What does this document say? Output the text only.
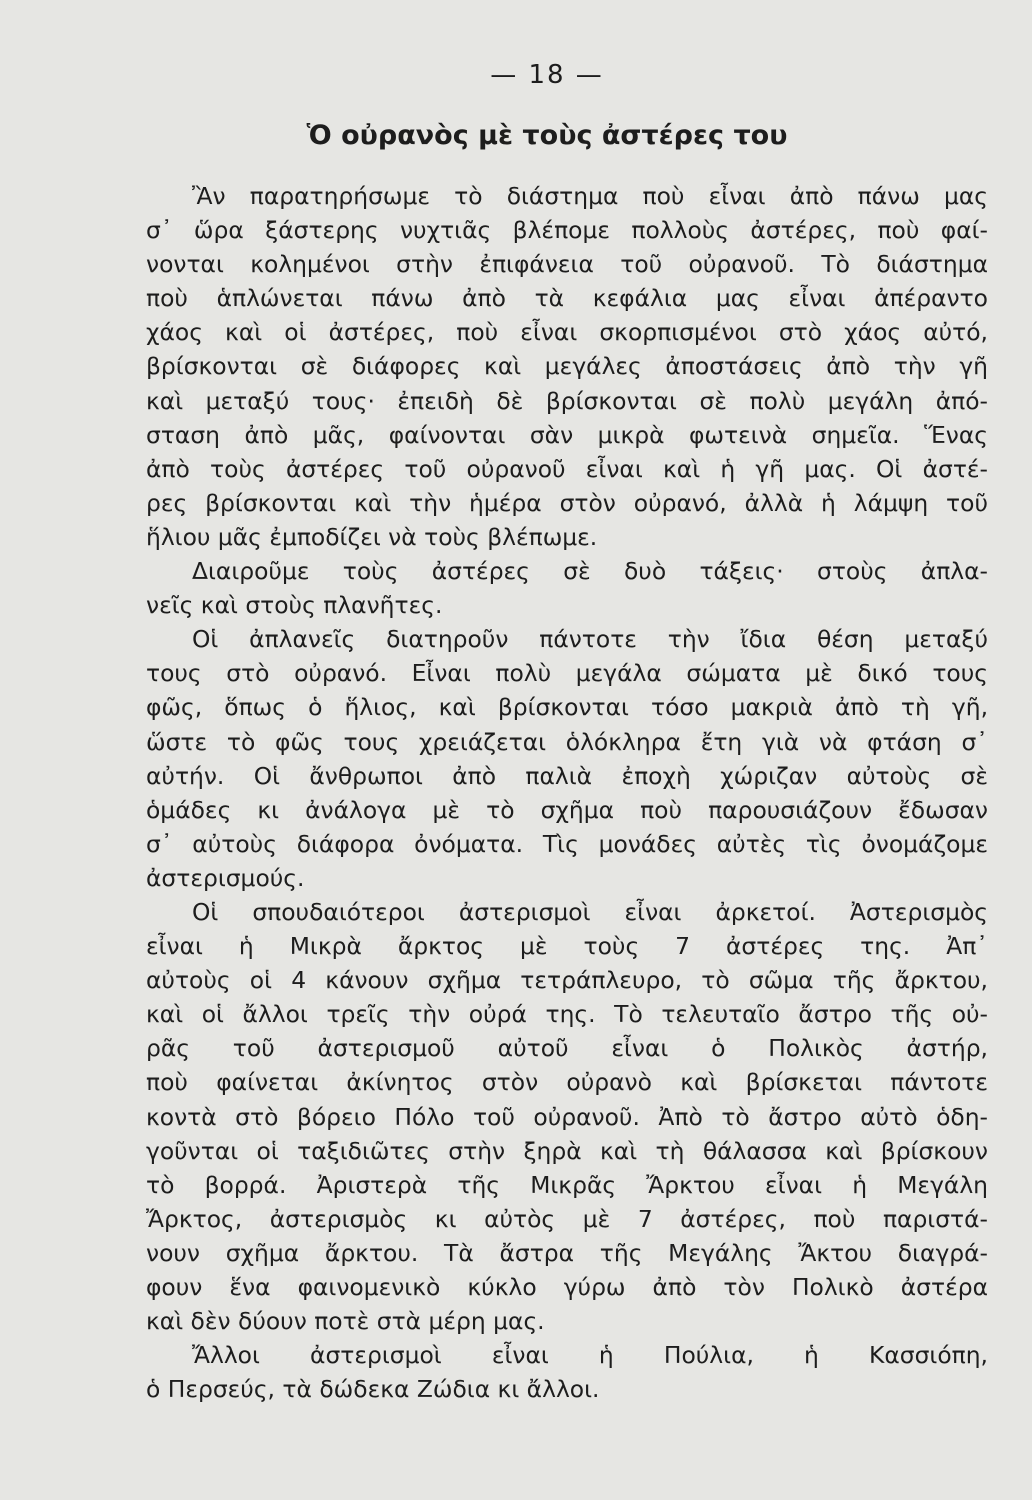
— 18 —
Ὁ οὐρανὸς μὲ τοὺς ἀστέρες του
Ἂν παρατηρήσωμε τὸ διάστημα ποὺ εἶναι ἀπὸ πάνω μας
σ᾽ ὥρα ξάστερης νυχτιᾶς βλέπομε πολλοὺς ἀστέρες, ποὺ φαί-
νονται κολημένοι στὴν ἐπιφάνεια τοῦ οὐρανοῦ. Τὸ διάστημα
ποὺ ἁπλώνεται πάνω ἀπὸ τὰ κεφάλια μας εἶναι ἀπέραντο
χάος καὶ οἱ ἀστέρες, ποὺ εἶναι σκορπισμένοι στὸ χάος αὐτό,
βρίσκονται σὲ διάφορες καὶ μεγάλες ἀποστάσεις ἀπὸ τὴν γῆ
καὶ μεταξύ τους· ἐπειδὴ δὲ βρίσκονται σὲ πολὺ μεγάλη ἀπό-
σταση ἀπὸ μᾶς, φαίνονται σὰν μικρὰ φωτεινὰ σημεῖα. Ἕνας
ἀπὸ τοὺς ἀστέρες τοῦ οὐρανοῦ εἶναι καὶ ἡ γῆ μας. Οἱ ἀστέ-
ρες βρίσκονται καὶ τὴν ἡμέρα στὸν οὐρανό, ἀλλὰ ἡ λάμψη τοῦ
ἥλιου μᾶς ἐμποδίζει νὰ τοὺς βλέπωμε.
Διαιροῦμε τοὺς ἀστέρες σὲ δυὸ τάξεις· στοὺς ἀπλα-
νεῖς καὶ στοὺς πλανῆτες.
Οἱ ἀπλανεῖς διατηροῦν πάντοτε τὴν ἴδια θέση μεταξύ
τους στὸ οὐρανό. Εἶναι πολὺ μεγάλα σώματα μὲ δικό τους
φῶς, ὅπως ὁ ἥλιος, καὶ βρίσκονται τόσο μακριὰ ἀπὸ τὴ γῆ,
ὥστε τὸ φῶς τους χρειάζεται ὁλόκληρα ἔτη γιὰ νὰ φτάση σ᾽
αὐτήν. Οἱ ἄνθρωποι ἀπὸ παλιὰ ἐποχὴ χώριζαν αὐτοὺς σὲ
ὁμάδες κι ἀνάλογα μὲ τὸ σχῆμα ποὺ παρουσιάζουν ἔδωσαν
σ᾽ αὐτοὺς διάφορα ὀνόματα. Τὶς μονάδες αὐτὲς τὶς ὀνομάζομε
ἀστερισμούς.
Οἱ σπουδαιότεροι ἀστερισμοὶ εἶναι ἀρκετοί. Ἀστερισμὸς
εἶναι ἡ Μικρὰ ἄρκτος μὲ τοὺς 7 ἀστέρες της. Ἀπ᾽
αὐτοὺς οἱ 4 κάνουν σχῆμα τετράπλευρο, τὸ σῶμα τῆς ἄρκτου,
καὶ οἱ ἄλλοι τρεῖς τὴν οὐρά της. Τὸ τελευταῖο ἄστρο τῆς οὐ-
ρᾶς τοῦ ἀστερισμοῦ αὐτοῦ εἶναι ὁ Πολικὸς ἀστήρ,
ποὺ φαίνεται ἀκίνητος στὸν οὐρανὸ καὶ βρίσκεται πάντοτε
κοντὰ στὸ βόρειο Πόλο τοῦ οὐρανοῦ. Ἀπὸ τὸ ἄστρο αὐτὸ ὁδη-
γοῦνται οἱ ταξιδιῶτες στὴν ξηρὰ καὶ τὴ θάλασσα καὶ βρίσκουν
τὸ βορρά. Ἀριστερὰ τῆς Μικρᾶς Ἄρκτου εἶναι ἡ Μεγάλη
Ἄρκτος, ἀστερισμὸς κι αὐτὸς μὲ 7 ἀστέρες, ποὺ παριστά-
νουν σχῆμα ἄρκτου. Τὰ ἄστρα τῆς Μεγάλης Ἄκτου διαγρά-
φουν ἕνα φαινομενικὸ κύκλο γύρω ἀπὸ τὸν Πολικὸ ἀστέρα
καὶ δὲν δύουν ποτὲ στὰ μέρη μας.
Ἄλλοι ἀστερισμοὶ εἶναι ἡ Πούλια, ἡ Κασσιόπη,
ὁ Περσεύς, τὰ δώδεκα Ζώδια κι ἄλλοι.
